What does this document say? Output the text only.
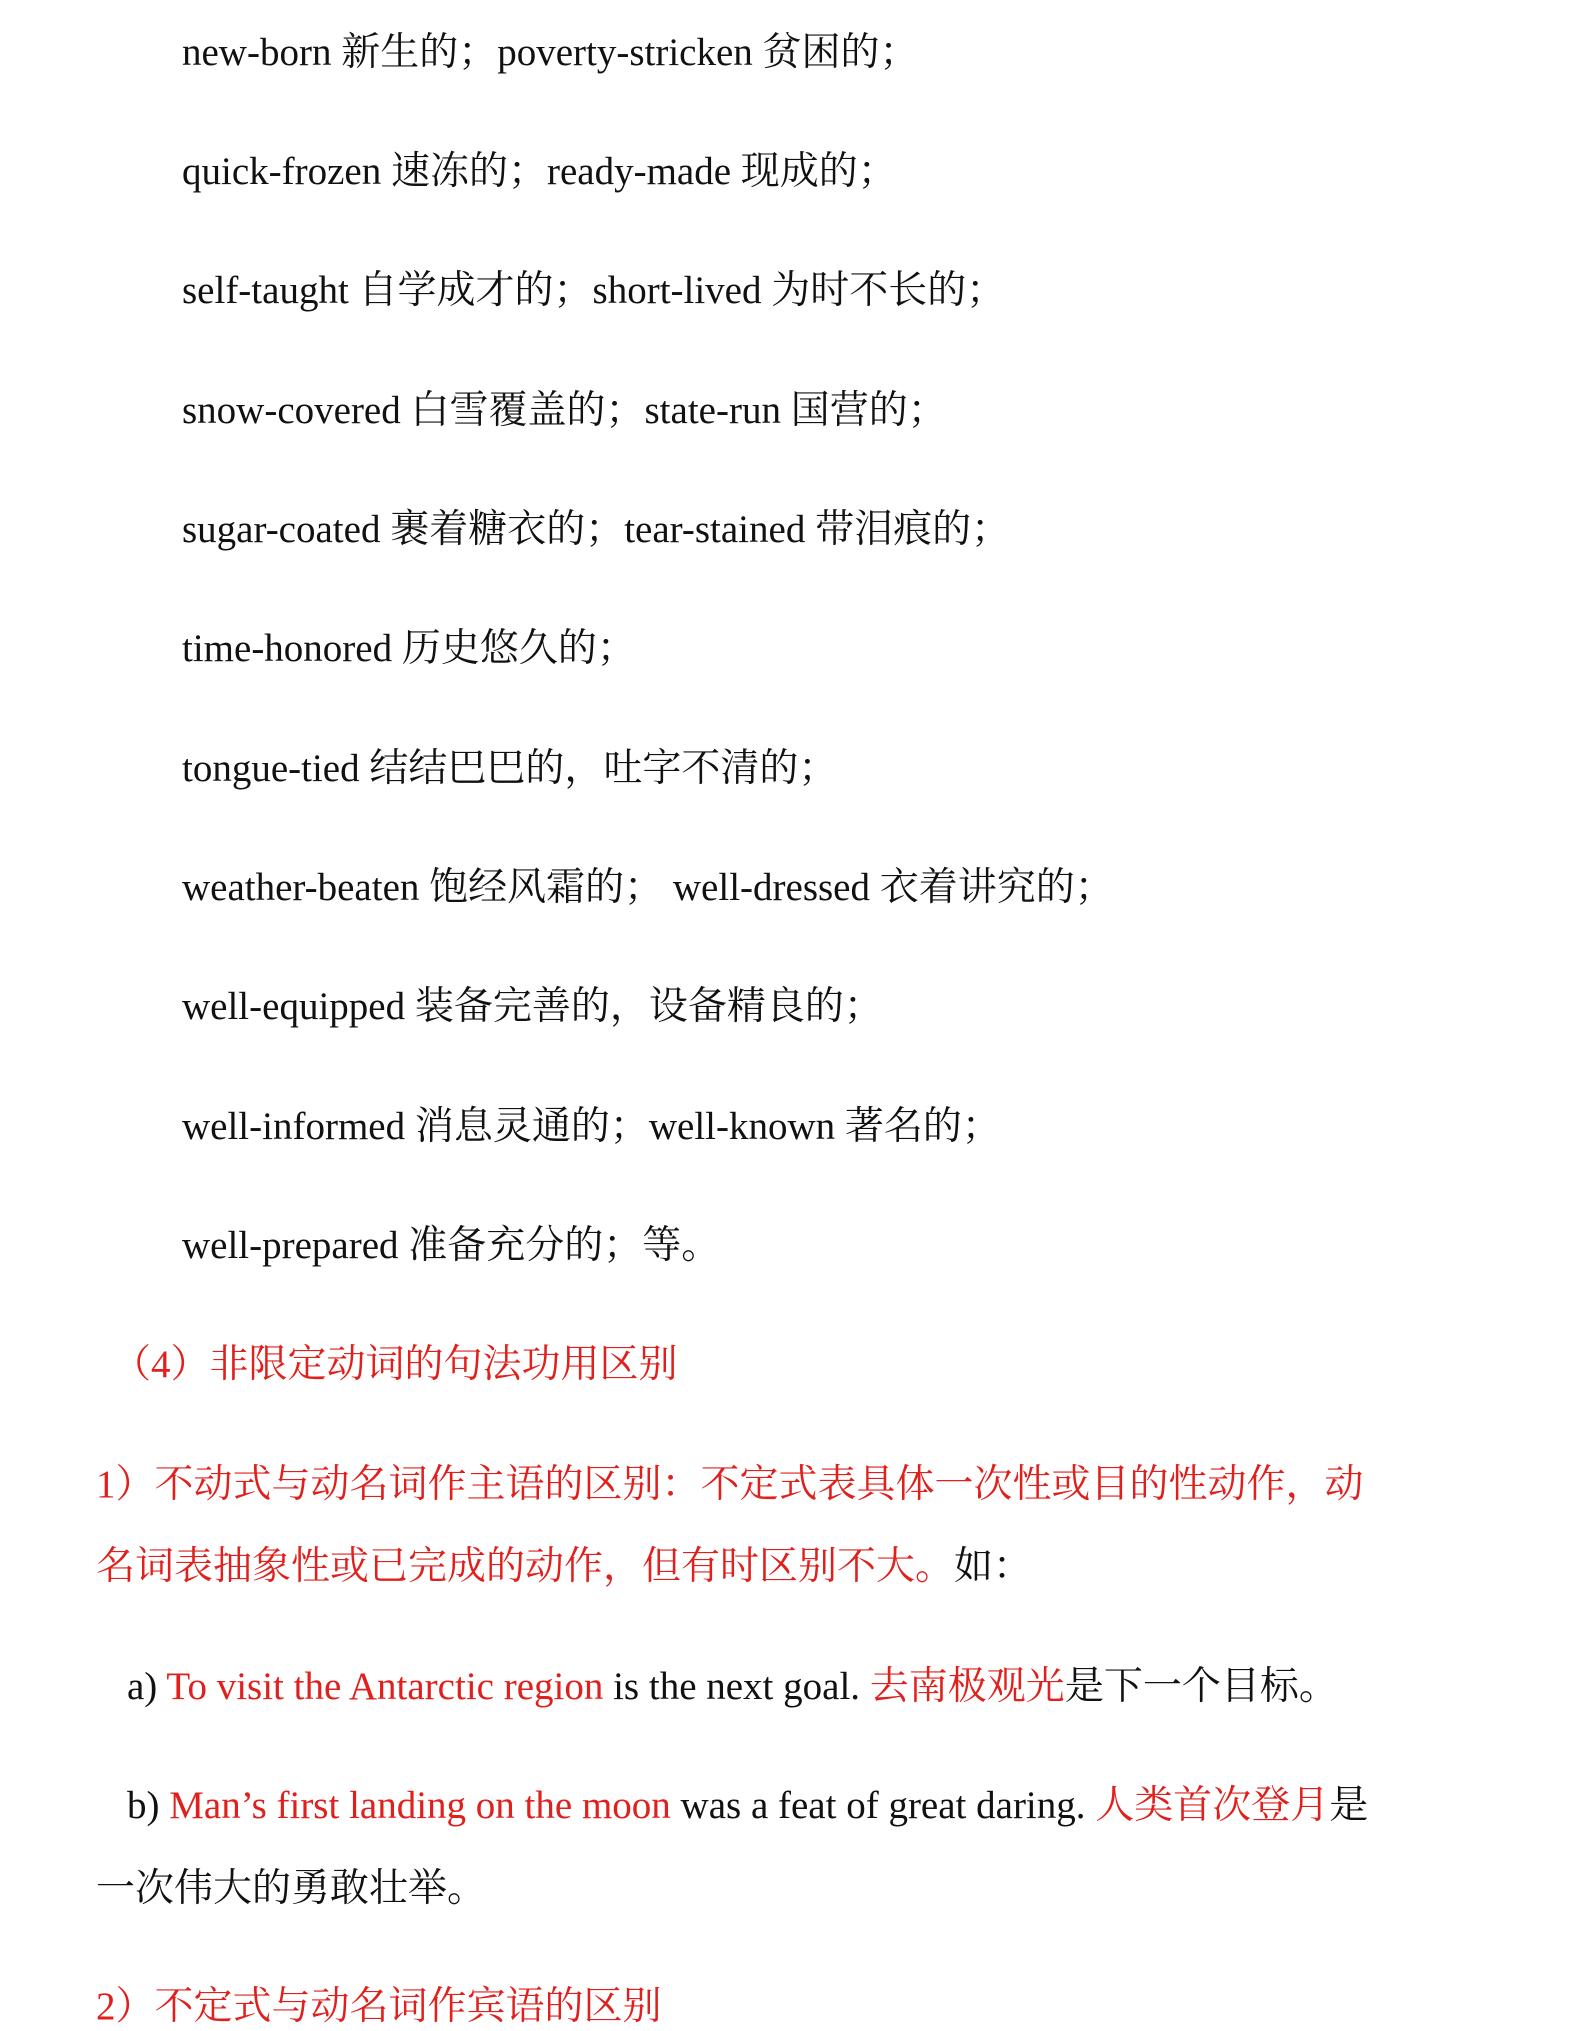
new-born 新生的；poverty-stricken 贫困的；

quick-frozen 速冻的；ready-made 现成的；

self-taught 自学成才的；short-lived 为时不长的；

snow-covered 白雪覆盖的；state-run 国营的；

sugar-coated 裹着糖衣的；tear-stained 带泪痕的；

time-honored 历史悠久的；

tongue-tied 结结巴巴的，吐字不清的；

weather-beaten 饱经风霜的； well-dressed 衣着讲究的；

well-equipped 装备完善的，设备精良的；

well-informed 消息灵通的；well-known 著名的；

well-prepared 准备充分的；等。

（4）非限定动词的句法功用区别

1）不动式与动名词作主语的区别：不定式表具体一次性或目的性动作，动

名词表抽象性或已完成的动作，但有时区别不大。如：

a) To visit the Antarctic region is the next goal. 去南极观光是下一个目标。

b) Man’s first landing on the moon was a feat of great daring. 人类首次登月是

一次伟大的勇敢壮举。

2）不定式与动名词作宾语的区别
